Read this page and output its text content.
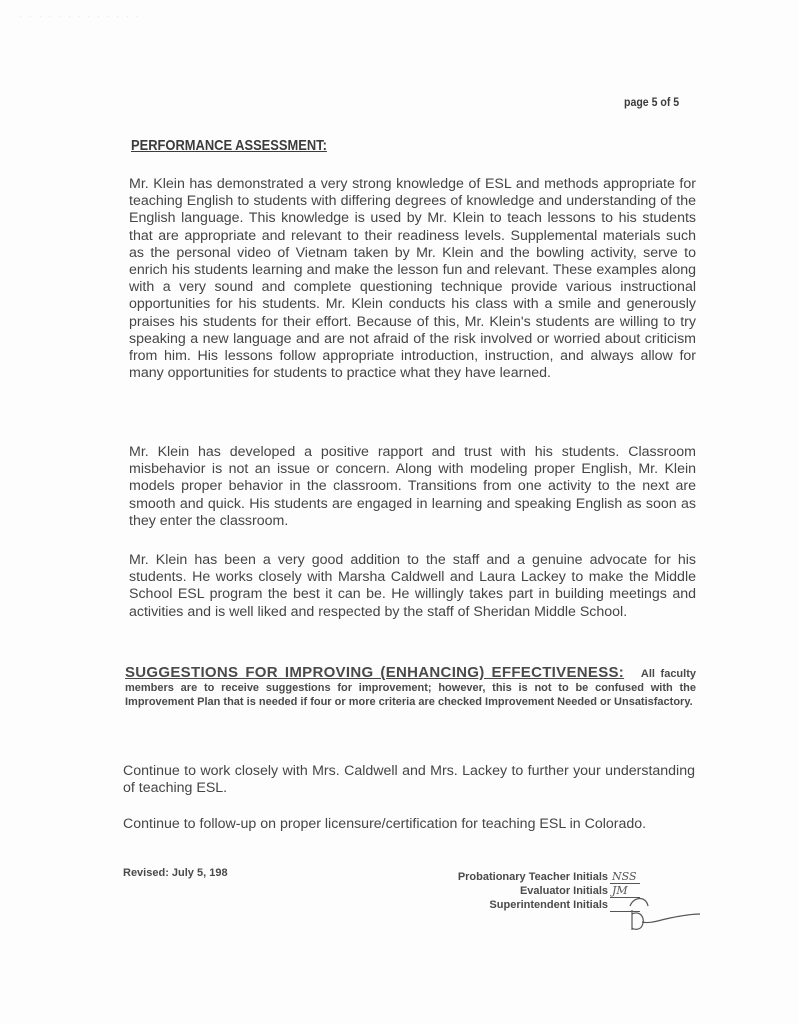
· · · · · · · · · · · · ·
page 5 of 5
PERFORMANCE ASSESSMENT:
Mr. Klein has demonstrated a very strong knowledge of ESL and methods appropriate for teaching English to students with differing degrees of knowledge and understanding of the English language. This knowledge is used by Mr. Klein to teach lessons to his students that are appropriate and relevant to their readiness levels. Supplemental materials such as the personal video of Vietnam taken by Mr. Klein and the bowling activity, serve to enrich his students learning and make the lesson fun and relevant. These examples along with a very sound and complete questioning technique provide various instructional opportunities for his students. Mr. Klein conducts his class with a smile and generously praises his students for their effort. Because of this, Mr. Klein's students are willing to try speaking a new language and are not afraid of the risk involved or worried about criticism from him. His lessons follow appropriate introduction, instruction, and always allow for many opportunities for students to practice what they have learned.
Mr. Klein has developed a positive rapport and trust with his students. Classroom misbehavior is not an issue or concern. Along with modeling proper English, Mr. Klein models proper behavior in the classroom. Transitions from one activity to the next are smooth and quick. His students are engaged in learning and speaking English as soon as they enter the classroom.
Mr. Klein has been a very good addition to the staff and a genuine advocate for his students. He works closely with Marsha Caldwell and Laura Lackey to make the Middle School ESL program the best it can be. He willingly takes part in building meetings and activities and is well liked and respected by the staff of Sheridan Middle School.
SUGGESTIONS FOR IMPROVING (ENHANCING) EFFECTIVENESS: All faculty members are to receive suggestions for improvement; however, this is not to be confused with the Improvement Plan that is needed if four or more criteria are checked Improvement Needed or Unsatisfactory.
Continue to work closely with Mrs. Caldwell and Mrs. Lackey to further your understanding of teaching ESL.
Continue to follow-up on proper licensure/certification for teaching ESL in Colorado.
Revised: July 5, 198	Probationary Teacher Initials NSS
Evaluator Initials JM
Superintendent Initials
